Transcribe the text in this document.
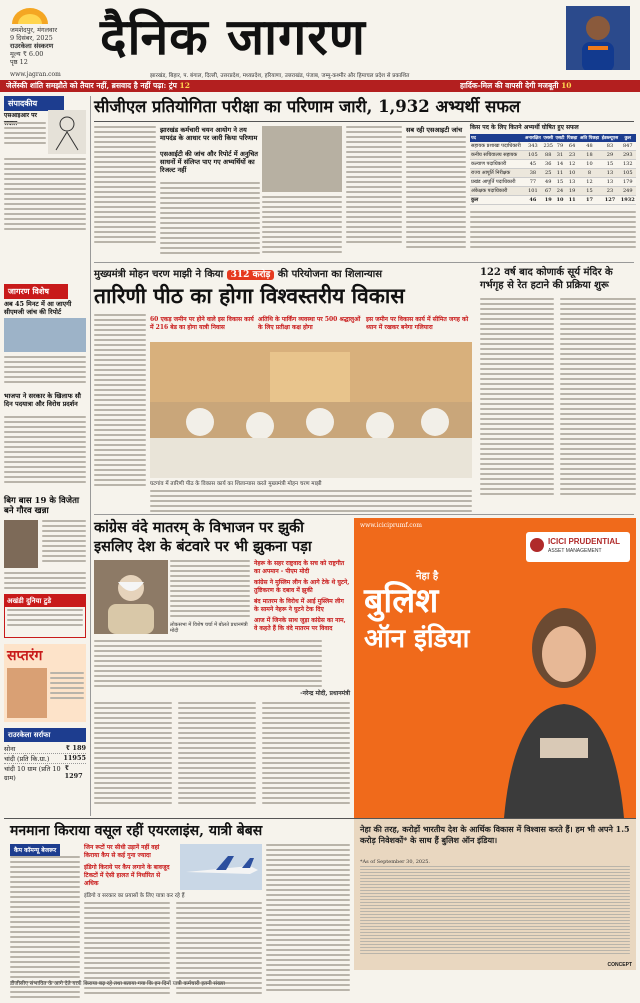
जमशेदपुर, मंगलवार
9 दिसंबर, 2025
राउरकेला संस्करण
मूल्य ₹ 6.00
पृष्ठ 12	दैनिक जागरण
झारखंड, बिहार, प. बंगाल, दिल्ली, उत्तरप्रदेश, मध्यप्रदेश, हरियाणा, उत्तराखंड, पंजाब, जम्मू-कश्मीर और हिमाचल प्रदेश से प्रकाशित
www.jagran.com
जेलेंस्की शांति समझौते को तैयार नहीं, ब्रसवाद है नहीं पढ़ा: ट्रंप 12	हार्दिक-मिल की वापसी देगी मजबूती 10
संपादकीय
एसआइआर पर
जागरण विशेष
अब 45 मिनट में आ जाएगी सीएमजी जांच की रिपोर्ट
भाजपा ने सरकार के खिलाफ सौ दिन पदयात्रा और विरोध प्रदर्शन
बिग बास 19 के विजेता बने गौरव खन्ना
अखंडी दुनिया टुडे
सप्तरंग
राउरकेला सर्राफा
सोना	₹ 189
चांदी (प्रति कि.ग्रा.) 11955
चांदी 10 ग्राम (प्रति 10 ग्राम)
₹ 1297
सीजीएल प्रतियोगिता परीक्षा का परिणाम जारी, 1,932 अभ्यर्थी सफल
झारखंड कर्मचारी चयन आयोग ने तय मापदंड के आधार पर जारी किया परिणाम
एसआईटी की जांच और रिपोर्ट में अनुचित साधनों में संलिप्त पाए गए अभ्यर्थियों का रिजल्ट नहीं
सब रही एसआइटी जांच	किस पद के लिए कितने अभ्यर्थी घोषित हुए सफल
पद	अनारक्षित	एससी	एसटी	पिछड़ा	अति पिछड़ा	ईडब्ल्यूएस	कुल
सहायक प्रशाखा पदाधिकारी	343	235	79	64	48	83	847
कनीय सचिवालय सहायक	105	88	31	23	18	29	293
कल्याण पदाधिकारी	45	36	14	12	10	15	132
राज्य आपूर्ति निरीक्षक	38	25	11	10	8	13	105
प्रखंड आपूर्ति पदाधिकारी	77	49	15	13	12	13	179
अंकेक्षक पदाधिकारी	101	67	24	19	15	23	249
कुल	46	19	10	11	17	127	1932
मुख्यमंत्री मोहन चरण माझी ने किया 312 करोड़ की परियोजना का शिलान्यास
तारिणी पीठ का होगा विश्वस्तरीय विकास
60 एकड़ जमीन पर होने वाले इस विकास कार्य में 216 बेड का होगा यात्री निवास
अतिथि के पार्किंग व्यवस्था पर 500 श्रद्धालुओं के लिए प्रतीक्षा कक्ष होगा
इस जमीन पर विकास कार्य में सीमित जगह को ध्यान में रखकर बनेगा गलियारा
घटगांव में तारिणी पीठ के विकास कार्य का शिलान्यास करते मुख्यमंत्री मोहन चरण माझी
122 वर्ष बाद कोणार्क सूर्य मंदिर के गर्भगृह से रेत हटाने की प्रक्रिया शुरू
कांग्रेस वंदे मातरम् के विभाजन पर झुकी
इसलिए देश के बंटवारे पर भी झुकना पड़ा
लोकसभा में विशेष चर्चा में बोलते प्रधानमंत्री मोदी
नेहरू के सहर राष्ट्रवाद के सच को राष्ट्रगीत का अपमान - पीएम मोदी
कांग्रेस ने मुस्लिम लीग के आगे टेके थे घुटने, तुष्टिकरण के दबाव में झुकी
बंद मातरम के विरोध में आई मुस्लिम लीग के सामने नेहरू ने घुटने टेक दिए
आज में जिनके साथ जुड़ा कांग्रेस का नाम, वे कहते हैं कि वंदे मातरम पर विवाद
-नरेन्द्र मोदी, प्रधानमंत्री
www.iciciprumf.com
ICICI PRUDENTIAL
ASSET MANAGEMENT
नेहा है
बुलिश
ऑन इंडिया
नेहा की तरह, करोड़ों भारतीय देश के आर्थिक विकास में विश्वास करते हैं। हम भी अपने 1.5 करोड़ निवेशकों* के साथ हैं बुलिश ऑन इंडिया।
*As of September 30, 2025.
CONCEPT
मनमाना किराया वसूल रहीं एयरलाइंस, यात्री बेबस
कैप कॉमन्यू बेजरूर	जिन रूटों पर सीधी उड़ानें नहीं वहां किराया कैप से कई गुना ज्यादा
इंडिगो किराये पर कैप लगाने के बावजूद टिकटों में ऐसी हालत में निर्धारित से अधिक
इंडिगो व सरकार का प्रयासों के लिए यात्रा कर रहे हैं
डीजीसीए संभावित के आगे देते यात्री किराया बढ़ रहे तथा बताया गया कि इन दिनों यात्री कर्मचारी इतनी संख्या
